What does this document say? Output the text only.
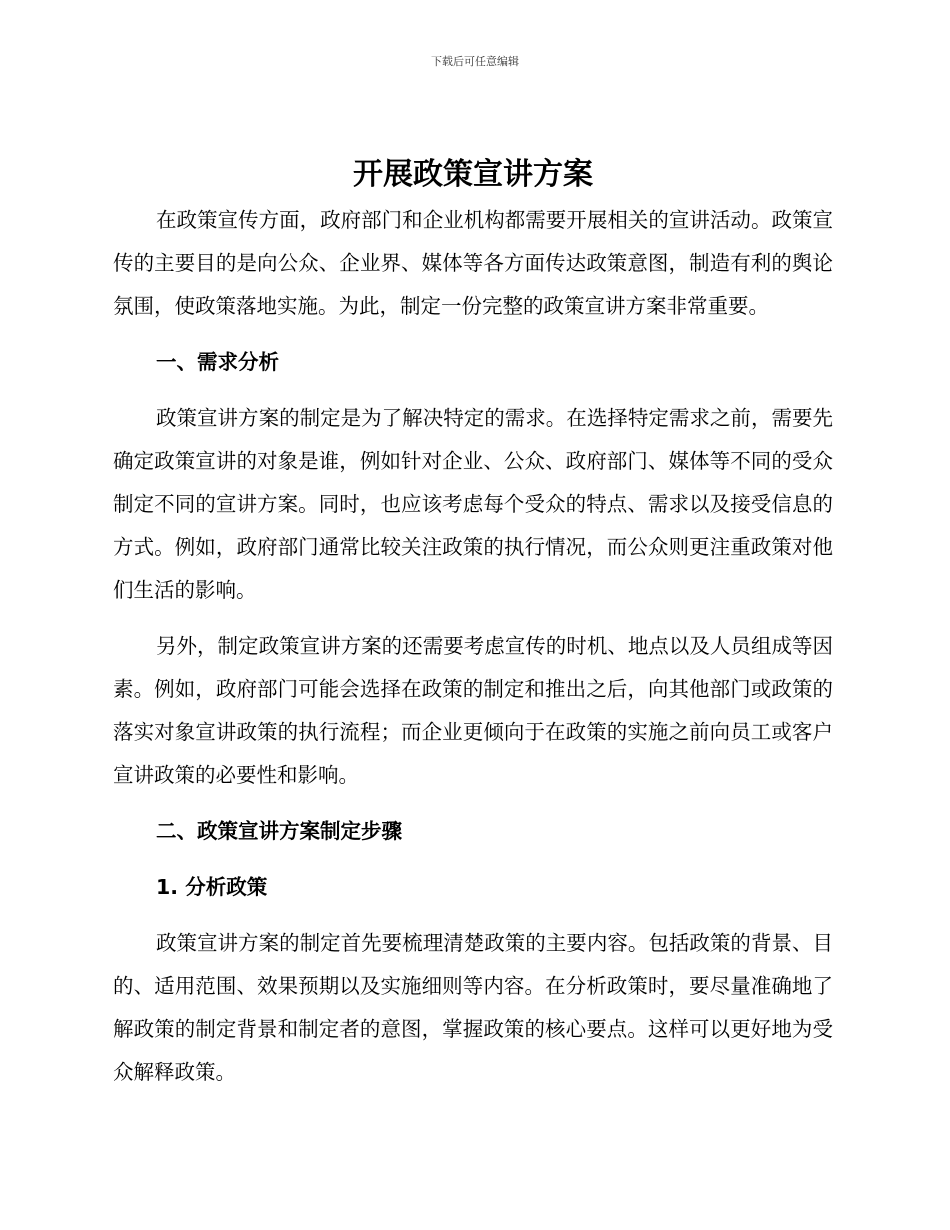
下载后可任意编辑
开展政策宣讲方案

在政策宣传方面，政府部门和企业机构都需要开展相关的宣讲活动。政策宣传的主要目的是向公众、企业界、媒体等各方面传达政策意图，制造有利的舆论氛围，使政策落地实施。为此，制定一份完整的政策宣讲方案非常重要。

一、需求分析

政策宣讲方案的制定是为了解决特定的需求。在选择特定需求之前，需要先确定政策宣讲的对象是谁，例如针对企业、公众、政府部门、媒体等不同的受众制定不同的宣讲方案。同时，也应该考虑每个受众的特点、需求以及接受信息的方式。例如，政府部门通常比较关注政策的执行情况，而公众则更注重政策对他们生活的影响。

另外，制定政策宣讲方案的还需要考虑宣传的时机、地点以及人员组成等因素。例如，政府部门可能会选择在政策的制定和推出之后，向其他部门或政策的落实对象宣讲政策的执行流程；而企业更倾向于在政策的实施之前向员工或客户宣讲政策的必要性和影响。

二、政策宣讲方案制定步骤
1. 分析政策

政策宣讲方案的制定首先要梳理清楚政策的主要内容。包括政策的背景、目的、适用范围、效果预期以及实施细则等内容。在分析政策时，要尽量准确地了解政策的制定背景和制定者的意图，掌握政策的核心要点。这样可以更好地为受众解释政策。
